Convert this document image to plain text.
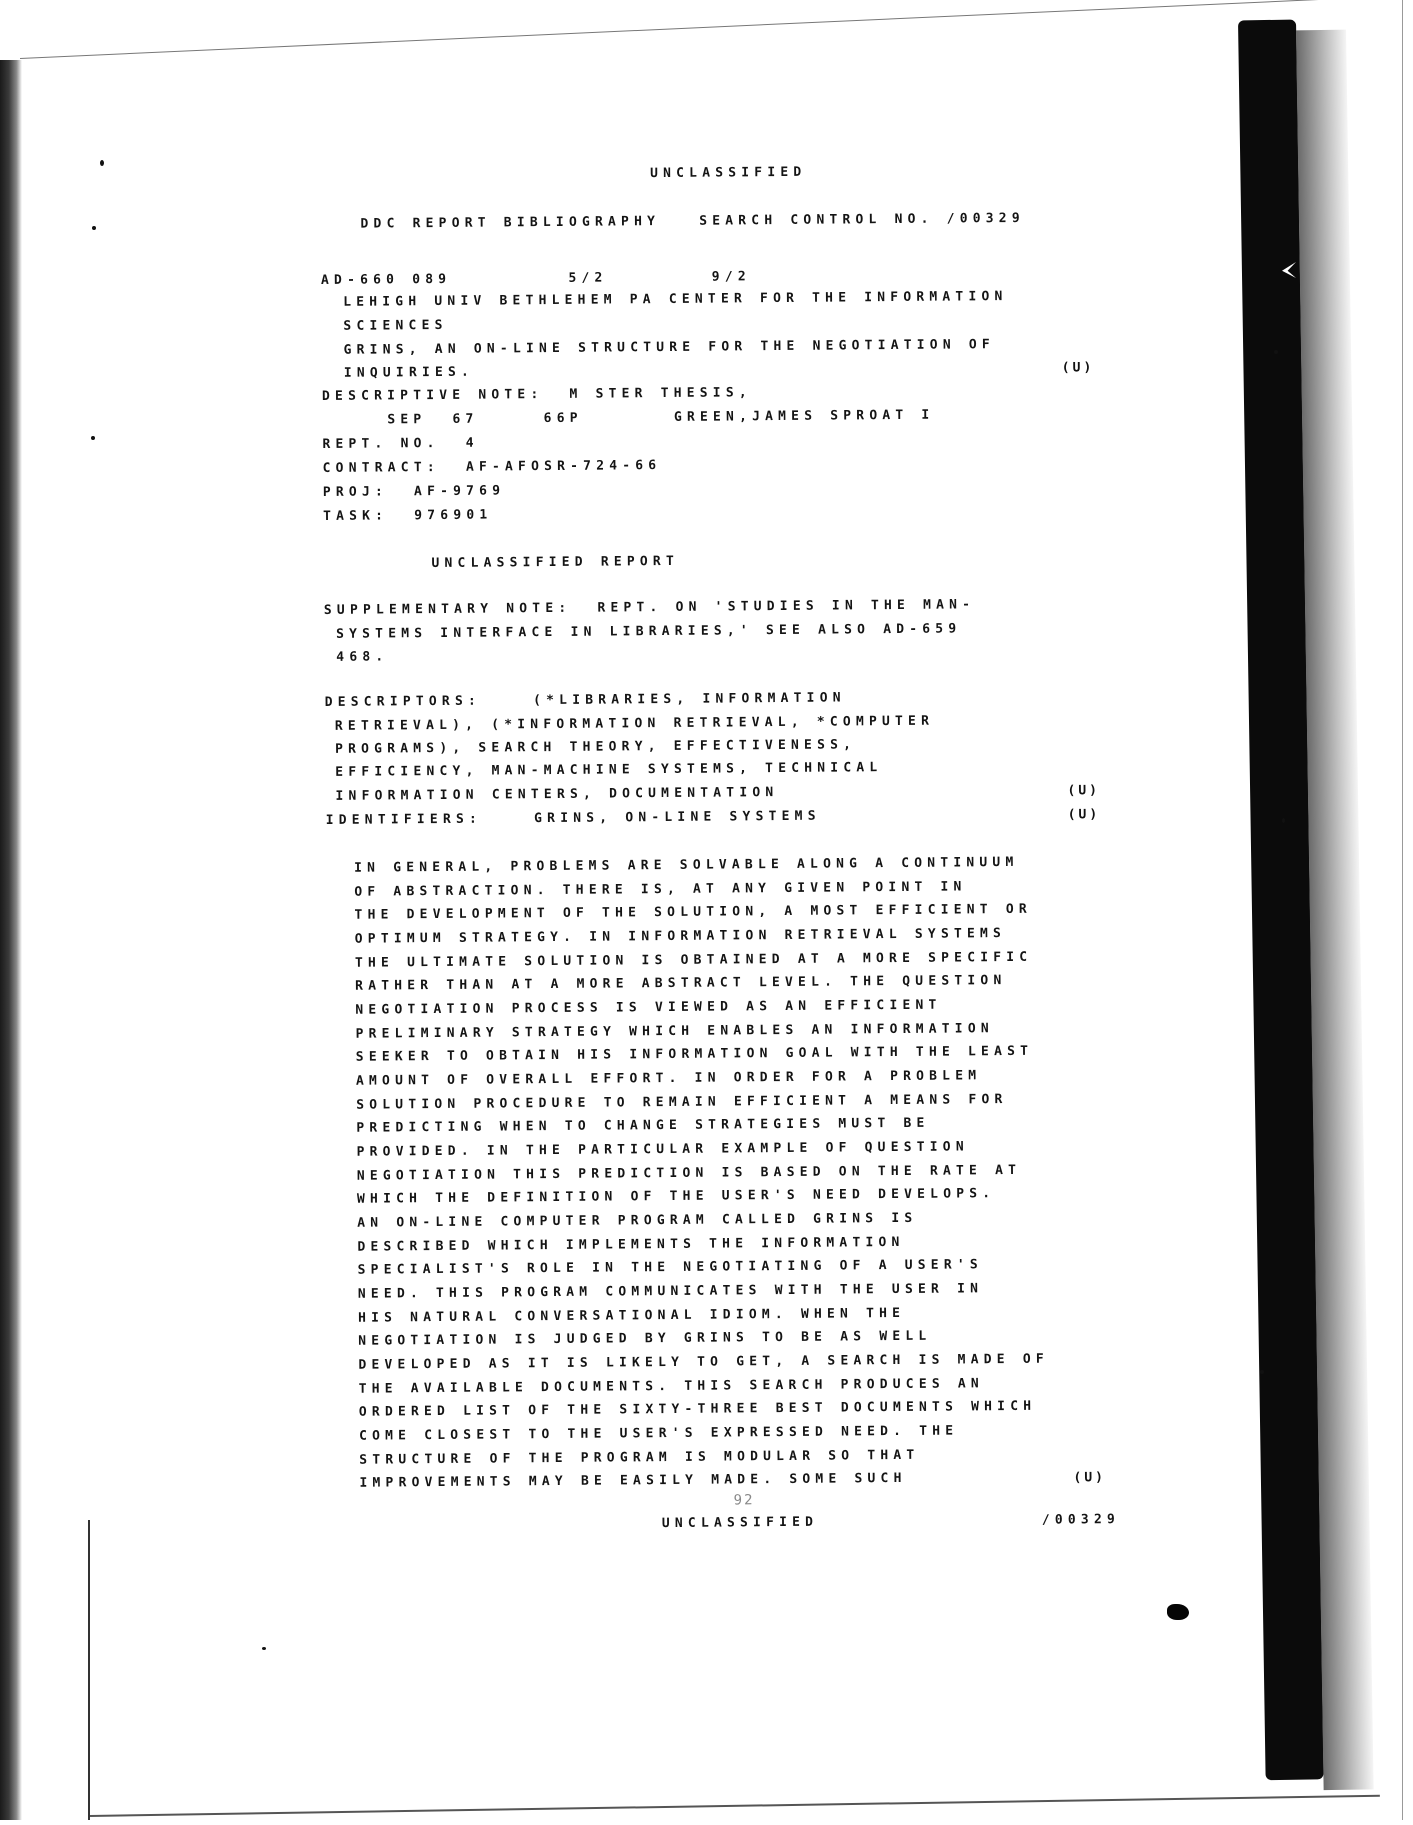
UNCLASSIFIED
DDC REPORT BIBLIOGRAPHY   SEARCH CONTROL NO. /00329
AD-660 089         5/2        9/2
LEHIGH UNIV BETHLEHEM PA CENTER FOR THE INFORMATION
SCIENCES
GRINS, AN ON-LINE STRUCTURE FOR THE NEGOTIATION OF
INQUIRIES.	(U)
DESCRIPTIVE NOTE:  M STER THESIS,
SEP  67     66P       GREEN,JAMES SPROAT I
REPT. NO.  4
CONTRACT:  AF-AFOSR-724-66
PROJ:  AF-9769
TASK:  976901
UNCLASSIFIED REPORT
SUPPLEMENTARY NOTE:  REPT. ON 'STUDIES IN THE MAN-
SYSTEMS INTERFACE IN LIBRARIES,' SEE ALSO AD-659
468.
DESCRIPTORS:    (*LIBRARIES, INFORMATION
RETRIEVAL), (*INFORMATION RETRIEVAL, *COMPUTER
PROGRAMS), SEARCH THEORY, EFFECTIVENESS,
EFFICIENCY, MAN-MACHINE SYSTEMS, TECHNICAL
INFORMATION CENTERS, DOCUMENTATION	(U)
IDENTIFIERS:    GRINS, ON-LINE SYSTEMS	(U)
IN GENERAL, PROBLEMS ARE SOLVABLE ALONG A CONTINUUM
OF ABSTRACTION. THERE IS, AT ANY GIVEN POINT IN
THE DEVELOPMENT OF THE SOLUTION, A MOST EFFICIENT OR
OPTIMUM STRATEGY. IN INFORMATION RETRIEVAL SYSTEMS
THE ULTIMATE SOLUTION IS OBTAINED AT A MORE SPECIFIC
RATHER THAN AT A MORE ABSTRACT LEVEL. THE QUESTION
NEGOTIATION PROCESS IS VIEWED AS AN EFFICIENT
PRELIMINARY STRATEGY WHICH ENABLES AN INFORMATION
SEEKER TO OBTAIN HIS INFORMATION GOAL WITH THE LEAST
AMOUNT OF OVERALL EFFORT. IN ORDER FOR A PROBLEM
SOLUTION PROCEDURE TO REMAIN EFFICIENT A MEANS FOR
PREDICTING WHEN TO CHANGE STRATEGIES MUST BE
PROVIDED. IN THE PARTICULAR EXAMPLE OF QUESTION
NEGOTIATION THIS PREDICTION IS BASED ON THE RATE AT
WHICH THE DEFINITION OF THE USER'S NEED DEVELOPS.
AN ON-LINE COMPUTER PROGRAM CALLED GRINS IS
DESCRIBED WHICH IMPLEMENTS THE INFORMATION
SPECIALIST'S ROLE IN THE NEGOTIATING OF A USER'S
NEED. THIS PROGRAM COMMUNICATES WITH THE USER IN
HIS NATURAL CONVERSATIONAL IDIOM. WHEN THE
NEGOTIATION IS JUDGED BY GRINS TO BE AS WELL
DEVELOPED AS IT IS LIKELY TO GET, A SEARCH IS MADE OF
THE AVAILABLE DOCUMENTS. THIS SEARCH PRODUCES AN
ORDERED LIST OF THE SIXTY-THREE BEST DOCUMENTS WHICH
COME CLOSEST TO THE USER'S EXPRESSED NEED. THE
STRUCTURE OF THE PROGRAM IS MODULAR SO THAT
IMPROVEMENTS MAY BE EASILY MADE. SOME SUCH	(U)
92
UNCLASSIFIED	/00329
